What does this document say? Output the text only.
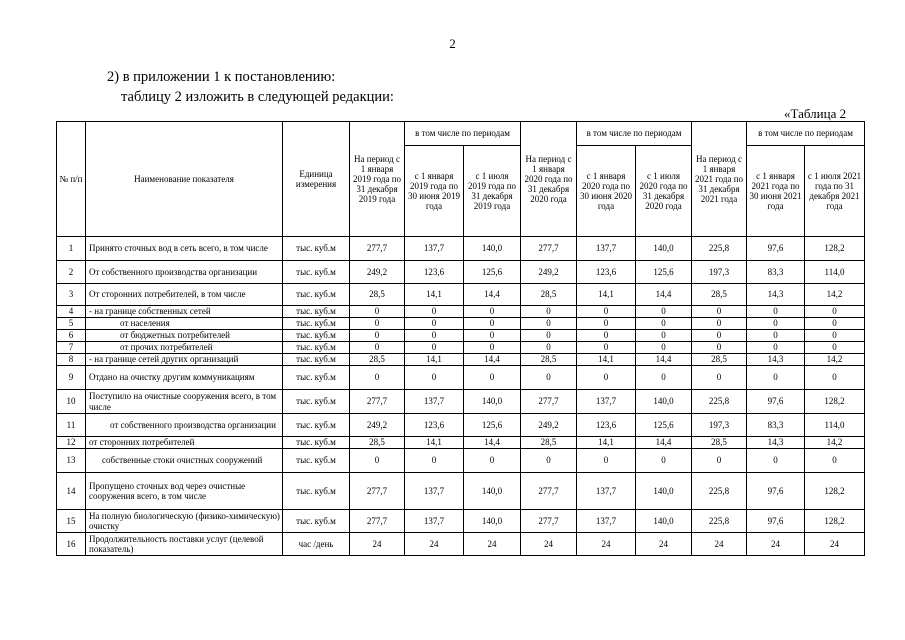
2
2) в приложении 1 к постановлению:
таблицу 2 изложить в следующей редакции:
«Таблица 2
№ п/п	Наименование показателя	Единица измерения	На период с 1 января 2019 года по 31 декабря 2019 года	в том числе по периодам		На период с 1 января 2020 года по 31 декабря 2020 года	в том числе по периодам		На период с 1 января 2021 года по 31 декабря 2021 года	в том числе по периодам	
				с 1 января 2019 года по 30 июня 2019 года	с 1 июля 2019 года по 31 декабря 2019 года		с 1 января 2020 года по 30 июня 2020 года	с 1 июля 2020 года по 31 декабря 2020 года		с 1 января 2021 года по 30 июня 2021 года	с 1 июля 2021 года по 31 декабря 2021 года
1	Принято сточных вод в сеть всего, в том числе	тыс. куб.м	277,7	137,7	140,0	277,7	137,7	140,0	225,8	97,6	128,2
2	От собственного производства организации	тыс. куб.м	249,2	123,6	125,6	249,2	123,6	125,6	197,3	83,3	114,0
3	От сторонних потребителей, в том числе	тыс. куб.м	28,5	14,1	14,4	28,5	14,1	14,4	28,5	14,3	14,2
4	- на границе собственных сетей	тыс. куб.м	0	0	0	0	0	0	0	0	0
5	от населения	тыс. куб.м	0	0	0	0	0	0	0	0	0
6	от бюджетных потребителей	тыс. куб.м	0	0	0	0	0	0	0	0	0
7	от прочих потребителей	тыс. куб.м	0	0	0	0	0	0	0	0	0
8	- на границе сетей других организаций	тыс. куб.м	28,5	14,1	14,4	28,5	14,1	14,4	28,5	14,3	14,2
9	Отдано на очистку другим коммуникациям	тыс. куб.м	0	0	0	0	0	0	0	0	0
10	Поступило на очистные сооружения всего, в том числе	тыс. куб.м	277,7	137,7	140,0	277,7	137,7	140,0	225,8	97,6	128,2
11	от собственного производства организации	тыс. куб.м	249,2	123,6	125,6	249,2	123,6	125,6	197,3	83,3	114,0
12	от сторонних потребителей	тыс. куб.м	28,5	14,1	14,4	28,5	14,1	14,4	28,5	14,3	14,2
13	собственные стоки очистных сооружений	тыс. куб.м	0	0	0	0	0	0	0	0	0
14	Пропущено сточных вод через очистные сооружения всего, в том числе	тыс. куб.м	277,7	137,7	140,0	277,7	137,7	140,0	225,8	97,6	128,2
15	На полную биологическую (физико-химическую) очистку	тыс. куб.м	277,7	137,7	140,0	277,7	137,7	140,0	225,8	97,6	128,2
16	Продолжительность поставки услуг (целевой показатель)	час /день	24	24	24	24	24	24	24	24	24
